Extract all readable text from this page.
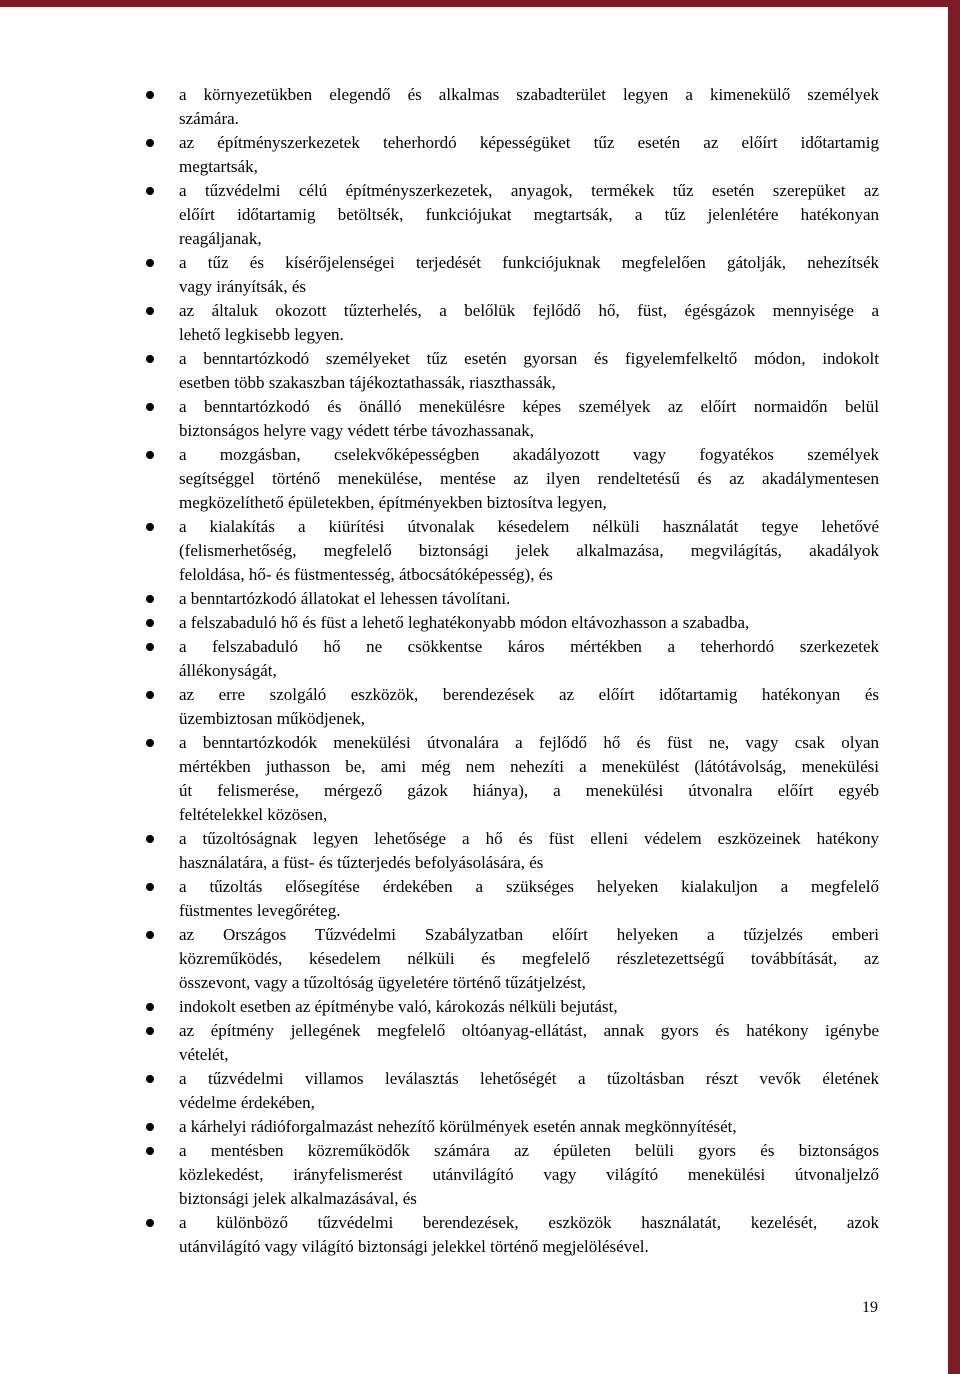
a környezetükben elegendő és alkalmas szabadterület legyen a kimenekülő személyek
számára.
az építményszerkezetek teherhordó képességüket tűz esetén az előírt időtartamig
megtartsák,
a tűzvédelmi célú építményszerkezetek, anyagok, termékek tűz esetén szerepüket az
előírt időtartamig betöltsék, funkciójukat megtartsák, a tűz jelenlétére hatékonyan
reagáljanak,
a tűz és kísérőjelenségei terjedését funkciójuknak megfelelően gátolják, nehezítsék
vagy irányítsák, és
az általuk okozott tűzterhelés, a belőlük fejlődő hő, füst, égésgázok mennyisége a
lehető legkisebb legyen.
a benntartózkodó személyeket tűz esetén gyorsan és figyelemfelkeltő módon, indokolt
esetben több szakaszban tájékoztathassák, riaszthassák,
a benntartózkodó és önálló menekülésre képes személyek az előírt normaidőn belül
biztonságos helyre vagy védett térbe távozhassanak,
a mozgásban, cselekvőképességben akadályozott vagy fogyatékos személyek
segítséggel történő menekülése, mentése az ilyen rendeltetésű és az akadálymentesen
megközelíthető épületekben, építményekben biztosítva legyen,
a kialakítás a kiürítési útvonalak késedelem nélküli használatát tegye lehetővé
(felismerhetőség, megfelelő biztonsági jelek alkalmazása, megvilágítás, akadályok
feloldása, hő- és füstmentesség, átbocsátóképesség), és
a benntartózkodó állatokat el lehessen távolítani.
a felszabaduló hő és füst a lehető leghatékonyabb módon eltávozhasson a szabadba,
a felszabaduló hő ne csökkentse káros mértékben a teherhordó szerkezetek
állékonyságát,
az erre szolgáló eszközök, berendezések az előírt időtartamig hatékonyan és
üzembiztosan működjenek,
a benntartózkodók menekülési útvonalára a fejlődő hő és füst ne, vagy csak olyan
mértékben juthasson be, ami még nem nehezíti a menekülést (látótávolság, menekülési
út felismerése, mérgező gázok hiánya), a menekülési útvonalra előírt egyéb
feltételekkel közösen,
a tűzoltóságnak legyen lehetősége a hő és füst elleni védelem eszközeinek hatékony
használatára, a füst- és tűzterjedés befolyásolására, és
a tűzoltás elősegítése érdekében a szükséges helyeken kialakuljon a megfelelő
füstmentes levegőréteg.
az Országos Tűzvédelmi Szabályzatban előírt helyeken a tűzjelzés emberi
közreműködés, késedelem nélküli és megfelelő részletezettségű továbbítását, az
összevont, vagy a tűzoltóság ügyeletére történő tűzátjelzést,
indokolt esetben az építménybe való, károkozás nélküli bejutást,
az építmény jellegének megfelelő oltóanyag-ellátást, annak gyors és hatékony igénybe
vételét,
a tűzvédelmi villamos leválasztás lehetőségét a tűzoltásban részt vevők életének
védelme érdekében,
a kárhelyi rádióforgalmazást nehezítő körülmények esetén annak megkönnyítését,
a mentésben közreműködők számára az épületen belüli gyors és biztonságos
közlekedést, irányfelismerést utánvilágító vagy világító menekülési útvonaljelző
biztonsági jelek alkalmazásával, és
a különböző tűzvédelmi berendezések, eszközök használatát, kezelését, azok
utánvilágító vagy világító biztonsági jelekkel történő megjelölésével.
19
